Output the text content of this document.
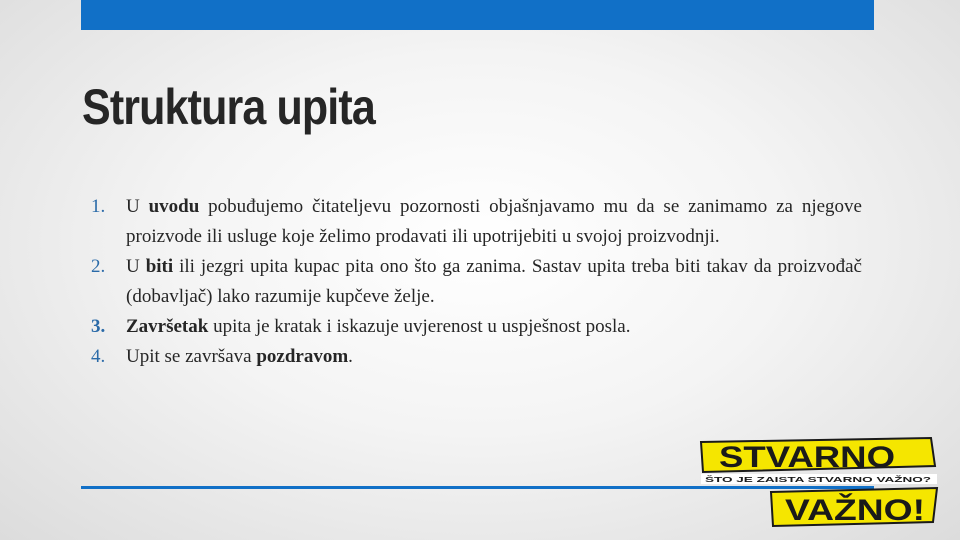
Struktura upita
1. U uvodu pobuđujemo čitateljevu pozornosti objašnjavamo mu da se zanimamo za njegove proizvode ili usluge koje želimo prodavati ili upotrijebiti u svojoj proizvodnji.
2. U biti ili jezgri upita kupac pita ono što ga zanima. Sastav upita treba biti takav da proizvođač (dobavljač) lako razumije kupčeve želje.
3. Završetak upita je kratak i iskazuje uvjerenost u uspješnost posla.
4. Upit se završava pozdravom.
STVARNO
ŠTO JE ZAISTA STVARNO VAŽNO?
VAŽNO!
